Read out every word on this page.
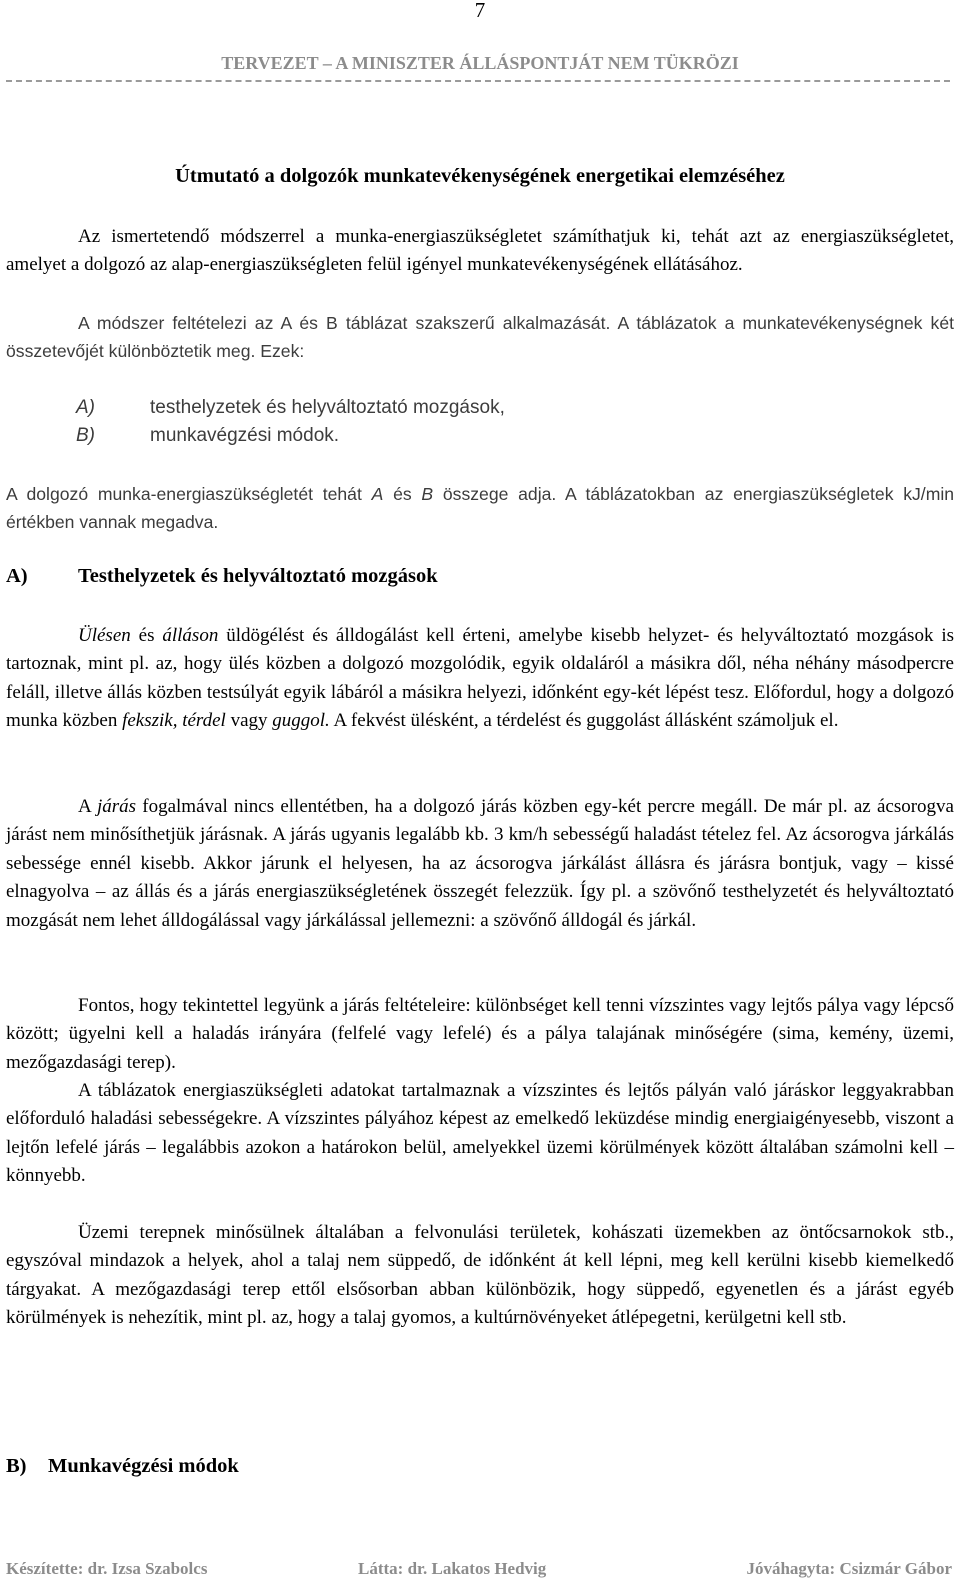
7
TERVEZET – A MINISZTER ÁLLÁSPONTJÁT NEM TÜKRÖZI
Útmutató a dolgozók munkatevékenységének energetikai elemzéséhez
Az ismertetendő módszerrel a munka-energiaszükségletet számíthatjuk ki, tehát azt az energiaszükségletet, amelyet a dolgozó az alap-energiaszükségleten felül igényel munkatevékenységének ellátásához.
A módszer feltételezi az A és B táblázat szakszerű alkalmazását. A táblázatok a munkatevékenységnek két összetevőjét különböztetik meg. Ezek:
A)	testhelyzetek és helyváltoztató mozgások,
B)	munkavégzési módok.
A dolgozó munka-energiaszükségletét tehát A és B összege adja. A táblázatokban az energiaszükségletek kJ/min értékben vannak megadva.
A)	Testhelyzetek és helyváltoztató mozgások
Ülésen és álláson üldögélést és álldogálást kell érteni, amelybe kisebb helyzet- és helyváltoztató mozgások is tartoznak, mint pl. az, hogy ülés közben a dolgozó mozgolódik, egyik oldaláról a másikra dől, néha néhány másodpercre feláll, illetve állás közben testsúlyát egyik lábáról a másikra helyezi, időnként egy-két lépést tesz. Előfordul, hogy a dolgozó munka közben fekszik, térdel vagy guggol. A fekvést ülésként, a térdelést és guggolást állásként számoljuk el.
A járás fogalmával nincs ellentétben, ha a dolgozó járás közben egy-két percre megáll. De már pl. az ácsorogva járást nem minősíthetjük járásnak. A járás ugyanis legalább kb. 3 km/h sebességű haladást tételez fel. Az ácsorogva járkálás sebessége ennél kisebb. Akkor járunk el helyesen, ha az ácsorogva járkálást állásra és járásra bontjuk, vagy – kissé elnagyolva – az állás és a járás energiaszükségletének összegét felezzük. Így pl. a szövőnő testhelyzetét és helyváltoztató mozgását nem lehet álldogálással vagy járkálással jellemezni: a szövőnő álldogál és járkál.
Fontos, hogy tekintettel legyünk a járás feltételeire: különbséget kell tenni vízszintes vagy lejtős pálya vagy lépcső között; ügyelni kell a haladás irányára (felfelé vagy lefelé) és a pálya talajának minőségére (sima, kemény, üzemi, mezőgazdasági terep).
A táblázatok energiaszükségleti adatokat tartalmaznak a vízszintes és lejtős pályán való járáskor leggyakrabban előforduló haladási sebességekre. A vízszintes pályához képest az emelkedő leküzdése mindig energiaigényesebb, viszont a lejtőn lefelé járás – legalábbis azokon a határokon belül, amelyekkel üzemi körülmények között általában számolni kell – könnyebb.
Üzemi terepnek minősülnek általában a felvonulási területek, kohászati üzemekben az öntőcsarnokok stb., egyszóval mindazok a helyek, ahol a talaj nem süppedő, de időnként át kell lépni, meg kell kerülni kisebb kiemelkedő tárgyakat. A mezőgazdasági terep ettől elsősorban abban különbözik, hogy süppedő, egyenetlen és a járást egyéb körülmények is nehezítik, mint pl. az, hogy a talaj gyomos, a kultúrnövényeket átlépegetni, kerülgetni kell stb.
B)	Munkavégzési módok
Készítette: dr. Izsa Szabolcs	Látta: dr. Lakatos Hedvig	Jóváhagyta: Csizmár Gábor
